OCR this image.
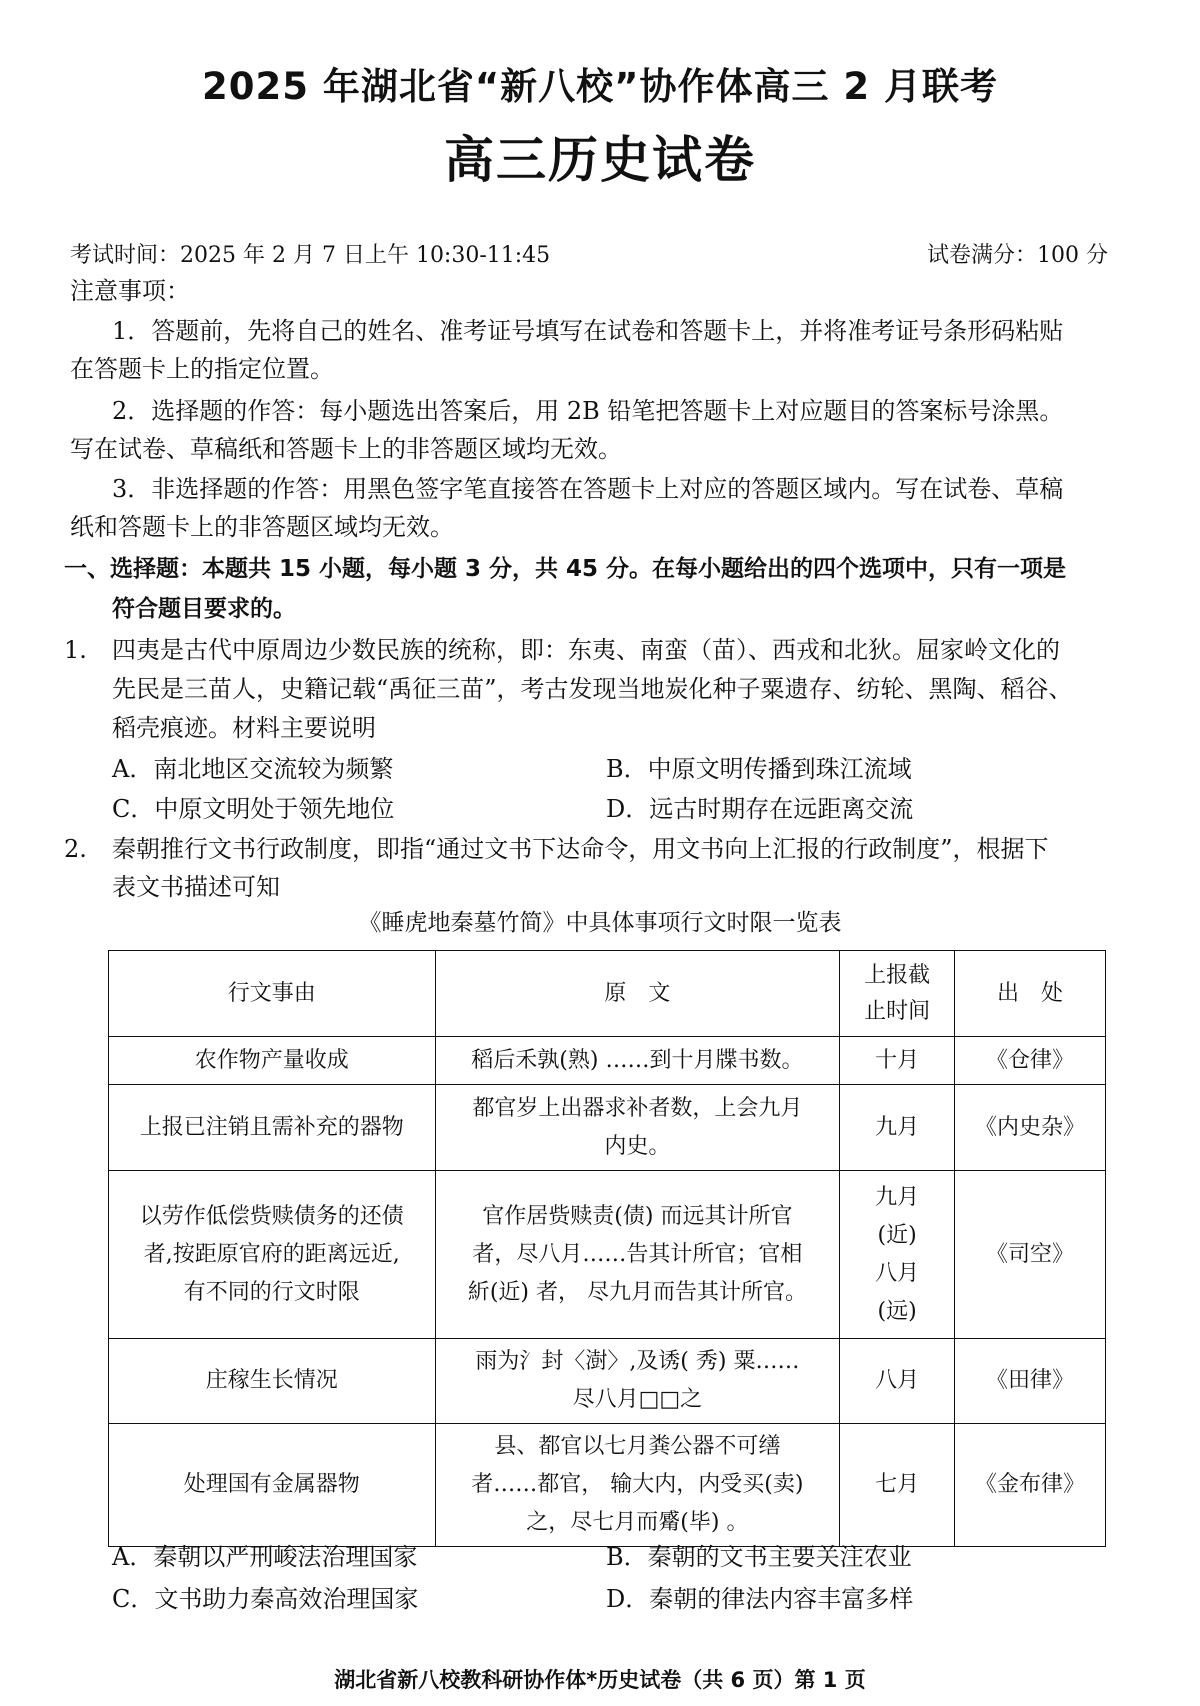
2025 年湖北省“新八校”协作体高三 2 月联考
高三历史试卷
考试时间：2025 年 2 月 7 日上午 10:30-11:45	试卷满分：100 分
注意事项：
1．答题前，先将自己的姓名、准考证号填写在试卷和答题卡上，并将准考证号条形码粘贴
在答题卡上的指定位置。
2．选择题的作答：每小题选出答案后，用 2B 铅笔把答题卡上对应题目的答案标号涂黑。
写在试卷、草稿纸和答题卡上的非答题区域均无效。
3．非选择题的作答：用黑色签字笔直接答在答题卡上对应的答题区域内。写在试卷、草稿
纸和答题卡上的非答题区域均无效。
一、选择题：本题共 15 小题，每小题 3 分，共 45 分。在每小题给出的四个选项中，只有一项是
符合题目要求的。
1. 四夷是古代中原周边少数民族的统称，即：东夷、南蛮（苗）、西戎和北狄。屈家岭文化的
先民是三苗人，史籍记载“禹征三苗”，考古发现当地炭化种子粟遗存、纺轮、黑陶、稻谷、
稻壳痕迹。材料主要说明
A．南北地区交流较为频繁	B．中原文明传播到珠江流域
C．中原文明处于领先地位	D．远古时期存在远距离交流
2. 秦朝推行文书行政制度，即指“通过文书下达命令，用文书向上汇报的行政制度”，根据下
表文书描述可知
《睡虎地秦墓竹简》中具体事项行文时限一览表
行文事由	原　文	上报截
止时间	出　处
农作物产量收成	稻后禾孰(熟) ……到十月牒书数。	十月	《仓律》
上报已注销且需补充的器物	都官岁上出器求补者数，上会九月
内史。	九月	《内史杂》
以劳作低偿赀赎债务的还债
者,按距原官府的距离远近,
有不同的行文时限	官作居赀赎责(债) 而远其计所官
者，尽八月……告其计所官；官相
紤(近) 者， 尽九月而告其计所官。	九月
(近)
八月
(远)	《司空》
庄稼生长情况	雨为氵封〈澍〉,及诱( 秀) 粟……
尽八月□□之	八月	《田律》
处理国有金属器物	县、都官以七月粪公器不可缮
者……都官， 输大内，内受买(卖)
之，尽七月而觱(毕) 。	七月	《金布律》
A．秦朝以严刑峻法治理国家	B．秦朝的文书主要关注农业
C．文书助力秦高效治理国家	D．秦朝的律法内容丰富多样
湖北省新八校教科研协作体*历史试卷（共 6 页）第 1 页
